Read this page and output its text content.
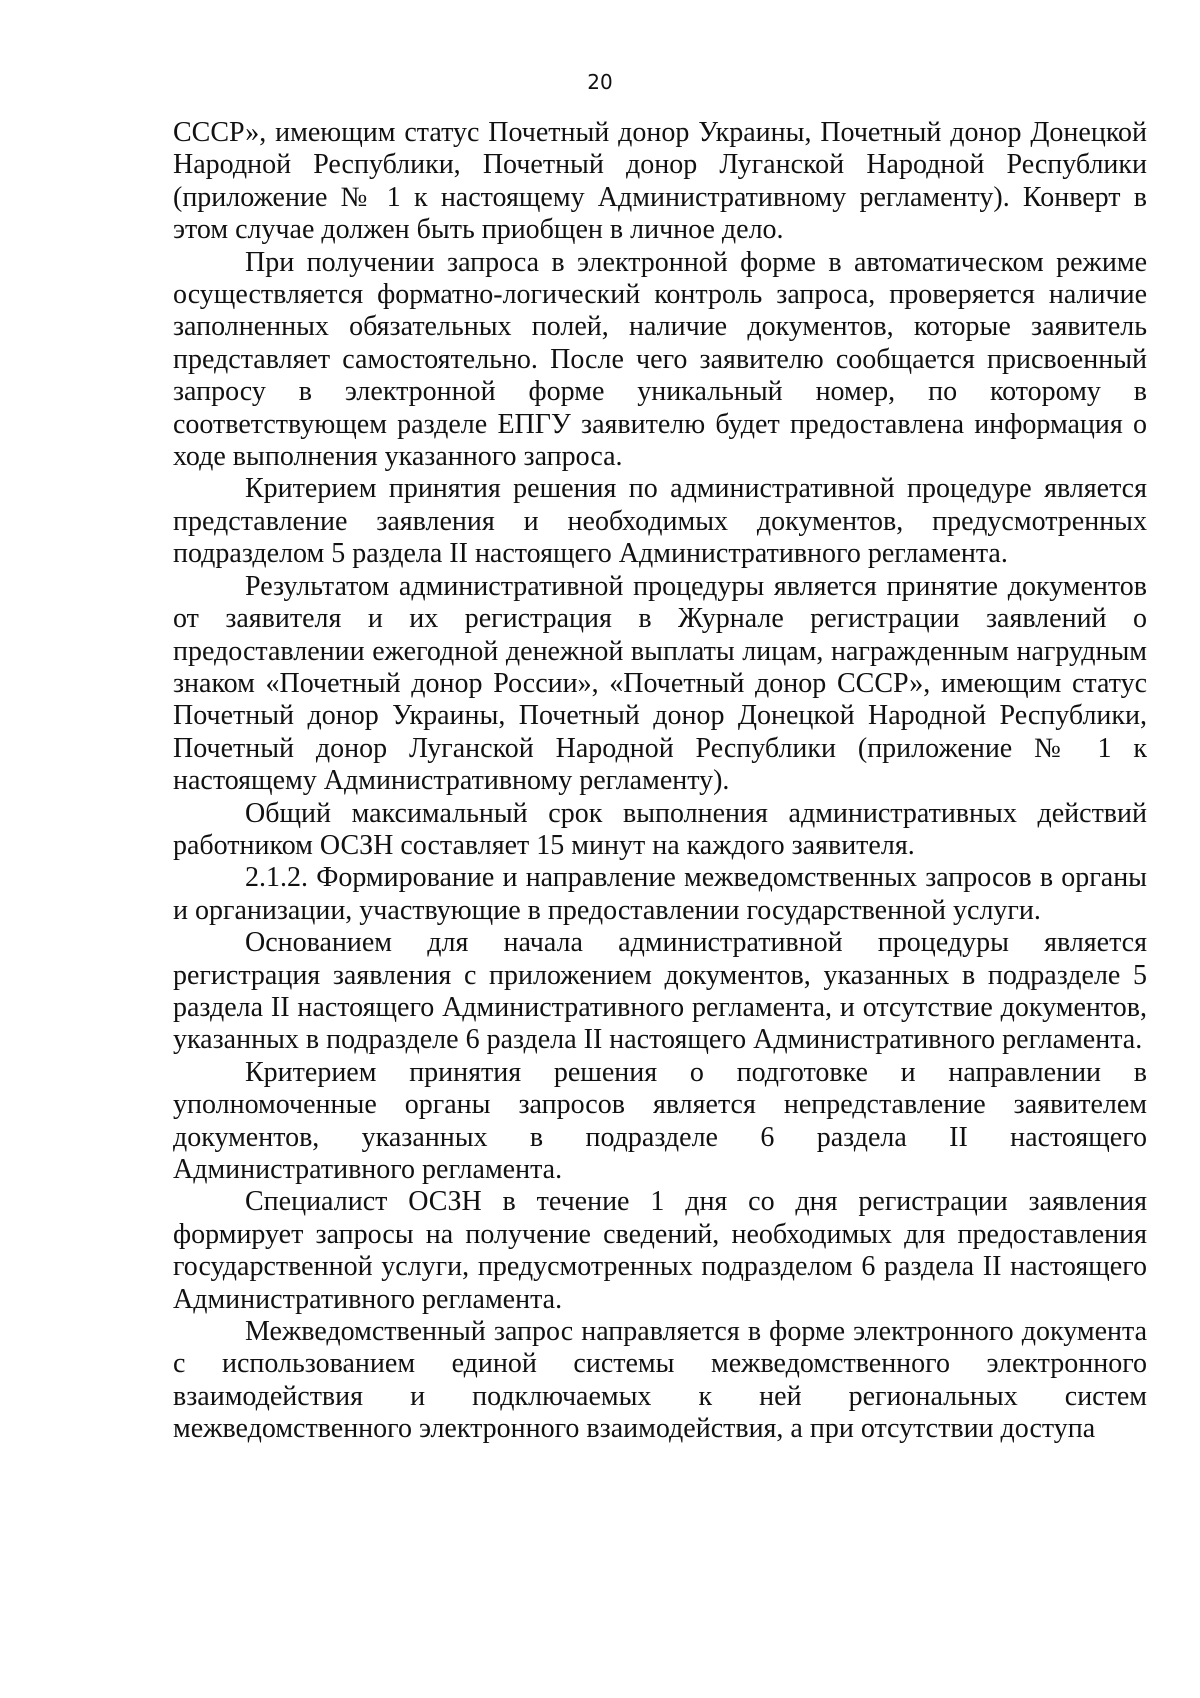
20

СССР», имеющим статус Почетный донор Украины, Почетный донор Донецкой Народной Республики, Почетный донор Луганской Народной Республики (приложение № 1 к настоящему Административному регламенту). Конверт в этом случае должен быть приобщен в личное дело.

При получении запроса в электронной форме в автоматическом режиме осуществляется форматно-логический контроль запроса, проверяется наличие заполненных обязательных полей, наличие документов, которые заявитель представляет самостоятельно. После чего заявителю сообщается присвоенный запросу в электронной форме уникальный номер, по которому в соответствующем разделе ЕПГУ заявителю будет предоставлена информация о ходе выполнения указанного запроса.

Критерием принятия решения по административной процедуре является представление заявления и необходимых документов, предусмотренных подразделом 5 раздела II настоящего Административного регламента.

Результатом административной процедуры является принятие документов от заявителя и их регистрация в Журнале регистрации заявлений о предоставлении ежегодной денежной выплаты лицам, награжденным нагрудным знаком «Почетный донор России», «Почетный донор СССР», имеющим статус Почетный донор Украины, Почетный донор Донецкой Народной Республики, Почетный донор Луганской Народной Республики (приложение № 1 к настоящему Административному регламенту).

Общий максимальный срок выполнения административных действий работником ОСЗН составляет 15 минут на каждого заявителя.

2.1.2. Формирование и направление межведомственных запросов в органы и организации, участвующие в предоставлении государственной услуги.

Основанием для начала административной процедуры является регистрация заявления с приложением документов, указанных в подразделе 5 раздела II настоящего Административного регламента, и отсутствие документов, указанных в подразделе 6 раздела II настоящего Административного регламента.

Критерием принятия решения о подготовке и направлении в уполномоченные органы запросов является непредставление заявителем документов, указанных в подразделе 6 раздела II настоящего Административного регламента.

Специалист ОСЗН в течение 1 дня со дня регистрации заявления формирует запросы на получение сведений, необходимых для предоставления государственной услуги, предусмотренных подразделом 6 раздела II настоящего Административного регламента.

Межведомственный запрос направляется в форме электронного документа с использованием единой системы межведомственного электронного взаимодействия и подключаемых к ней региональных систем межведомственного электронного взаимодействия, а при отсутствии доступа
